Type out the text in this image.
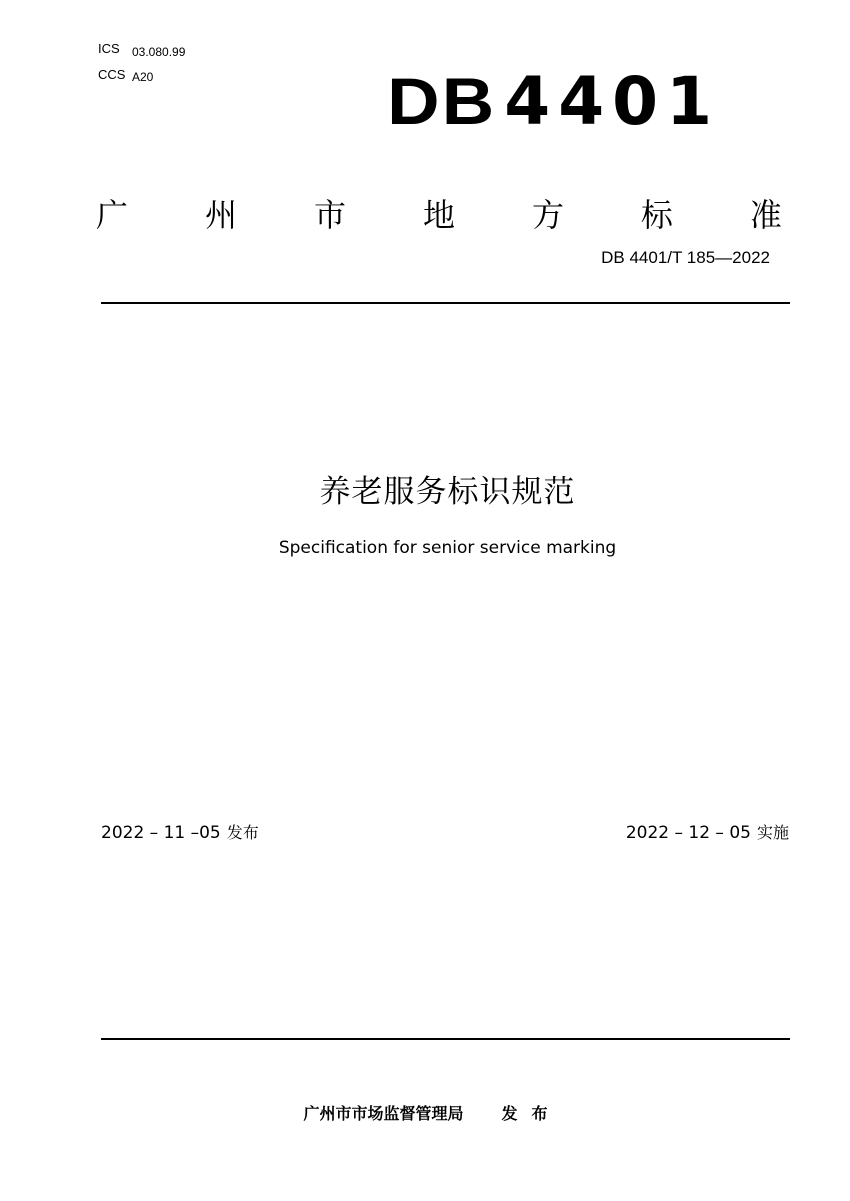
ICS 03.080.99
CCS A20	DB 4401
广 州 市 地 方 标 准
DB 4401/T 185—2022
养老服务标识规范
Specification for senior service marking
2022 – 11 –05 发布	2022 – 12 – 05 实施
广州市市场监督管理局 发布
